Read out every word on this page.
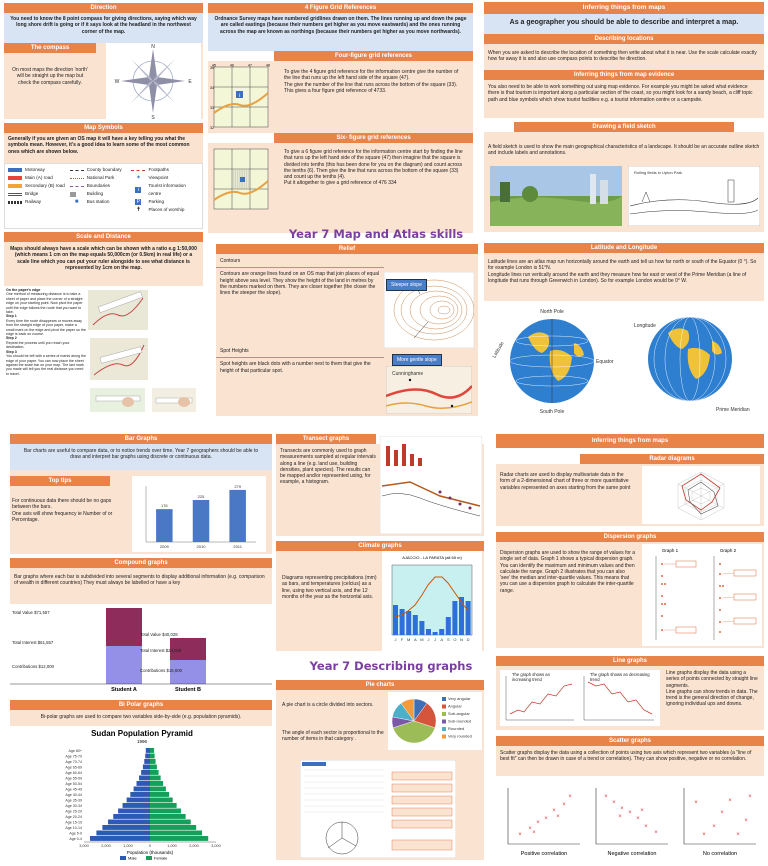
Direction
You need to know the 8 point compass for giving directions, saying which way long shore drift is going or if it says look at the headland in the northwest corner of the map.
The compass
On most maps the direction 'north' will be straight up the map but check the compass carefully.
N
S
W	E
Map Symbols
Generally if you are given an OS map it will have a key telling you what the symbols mean. However, it's a good idea to learn some of the most common ones which are shown below.
Motorway
Main (A) road
Secondary (B) road
Bridge
Railway
County boundary
National Park
Boundaries
Building
■	Bus station
Footpaths
✶	Viewpoint
i
Tourist information centre
P Parking
✝	Places of worship
Scale and Distance
Maps should always have a scale which can be shown with a ratio e.g 1:50,000 (which means 1 cm on the map equals 50,000cm (or 0.5km) in real life) or a scale line which you can put your ruler alongside to see what distance is represented by 1cm on the map.
On the paper's edge
One method of measuring distance is to take a sheet of paper and place the corner of a straight edge on your starting point. Now pivot the paper until the edge follows the route that you want to take.
Step 1
Every time the route disappears or moves away from the straight edge of your paper, make a small mark on the edge and pivot the paper so the edge is back on course.
Step 2
Repeat the process until you reach your destination.
Step 3
You should be left with a series of marks along the edge of your paper. You can now place the sheet against the scale bar on your map. The last mark you made will tell you the real distance you need to travel.
4 Figure Grid References
Ordnance Survey maps have numbered gridlines drawn on them. The lines running up and down the page are called eastings (because their numbers get higher as you move eastwards) and the ones running across the map are known as northings (because their numbers get higher as you move northwards).
Four-figure grid references
i
45	46	47	48
35
34
33
32
To give the 4 figure grid reference for the information centre give the number of the line that runs up the left hand side of the square (47).
The give the number of the line that runs across the bottom of the square (33).
This gives a four figure grid reference of 4733.
Six- figure grid references
To give a 6 figure grid reference for the information centre start by finding the line that runs up the left hand side of the square (47) then imagine that the square is divided into tenths (this has been done for you on the diagram) and count across the tenths (6). Then give the line that runs across the bottom of the square (33) and count up the tenths (4).
Put it altogether to give a grid reference of 476 334
Year 7 Map and Atlas skills
Relief
Contours
Contours are orange lines found on an OS map that join places of equal height above sea level. They show the height of the land in metres by the numbers marked on them. They are closer together (the closer the lines the steeper the slope).
Spot Heights
Spot heights are black dots with a number next to them that give the height of that particular spot.
Steeper slope
More gentle slope
Cunninghame
Inferring things from maps
As a geographer you should be able to describe and interpret a map.
Describing locations
When you are asked to describe the location of something then write about what it is near. Use the scale calculate exactly how far away it is and also use compass points to describe he direction.
Inferring things from map evidence
You also need to be able to work something out using map evidence. For example you might be asked what evidence there is that tourism is important along a particular section of the coast, so you might look for a sandy beach, a cliff topic path and blue symbols which show tourist facilities e.g. a tourist information centre or a campsite.
Drawing a field sketch
A field sketch is used to show the main geographical characteristics of a landscape. It should be an accurate outline sketch and include labels and annotations.
Rolling fields in Upton Park
Latitude and Longitude
Latitude lines are an atlas map run horizontally around the earth and tell us how far north or south of the Equator (0 °). So for example London is 51°N.
Longitude lines run vertically around the earth and they measure how far east or west of the Prime Meridian (a line of longitude that runs through Greenwich in London). So for example London would be 0° W.
North Pole
South Pole
Equator
Latitude
Longitude
Prime Meridian
Bar Graphs
Bar charts are useful to compare data, or to notice trends over time. Year 7 geographers should be able to draw and interpret bar graphs using discrete or continuous data.
Top tips
For continuous data there should be no gaps between the bars.
One axis will show frequency ie Number of or Percentage.
176
2009
225
2010
279
2011
Compound graphs
Bar graphs where each bar is subdivided into several segments to display additional information (e.g. comparison of wealth in different countries) They must always be labelled or have a key
Total Value $71,557
Total Interest $61,557
Contributions $12,000
Total Value $40,028
Total Interest $24,028
Contributions $16,000
Student A	Student B
Bi Polar graphs
Bi-polar graphs are used to compare two variables side-by-side (e.g. population pyramids).
Sudan Population Pyramid
1996
Age 80+
Age 75-79
Age 70-74
Age 65-69
Age 60-64
Age 55-59
Age 50-54
Age 45-49
Age 40-44
Age 35-39
Age 30-34
Age 25-29
Age 20-24
Age 15-19
Age 10-14
Age 5-9
Age 0-4
3,000	2,000	1,000	0	1,000	2,000	3,000
Population (thousands)
Male	Female
Transect graphs
Transects are commonly used to graph measurements sampled at regular intervals along a line (e.g. land use, building densities, plant species). The results can be mapped and/or represented using, for example, a histogram.
Climate graphs
Diagrams representing precipitations (mm) as bars, and temperatures (celcius) as a line, using two vertical axis, and the 12 months of the year as the horizontal axis.
AJACCIO - LA PARATA (alt 65 m)
J F M A M J J A S O N D
Year 7 Describing graphs
Pie charts
A pie chart is a circle divided into sectors.
The angle of each sector is proportional to the number of items in that category .
Very angular
Angular
Sub-angular
Sub-rounded
Rounded
Very rounded
Inferring things from maps
Radar diagrams
Radar charts are used to display multivariate data in the form of a 2-dimensional chart of three or more quantitative variables represented on axes starting from the same point
Dispersion graphs
Dispersion graphs are used to show the range of values for a single set of data. Graph 1 shows a typical dispersion graph. You can identify the maximum and minimum values and then calculate the range. Graph 2 illustrates that you can also 'see' the median and inter-quartile values. This means that you can use a dispersion graph to calculate the inter-quartile range.
Graph 1	Graph 2
Line graphs
The graph shows an increasing trend
The graph shows an decreasing trend
Line graphs display the data using a series of points connected by straight line segments.
Line graphs can show trends in data. The trend is the general direction of change, ignoring individual ups and downs.
Scatter graphs
Scatter graphs display the data using a collection of points using two axis which represent two variables (a "line of best fit" can then be drawn in case of a trend or correlation). They can show positive, negative or no correlation.
×
×
×
×
×
×
×
×
×
×
×
×
×
×
×
×
×
×
×
×
×
×
×	×
×
×
Positive correlation	Negative correlation	No correlation
